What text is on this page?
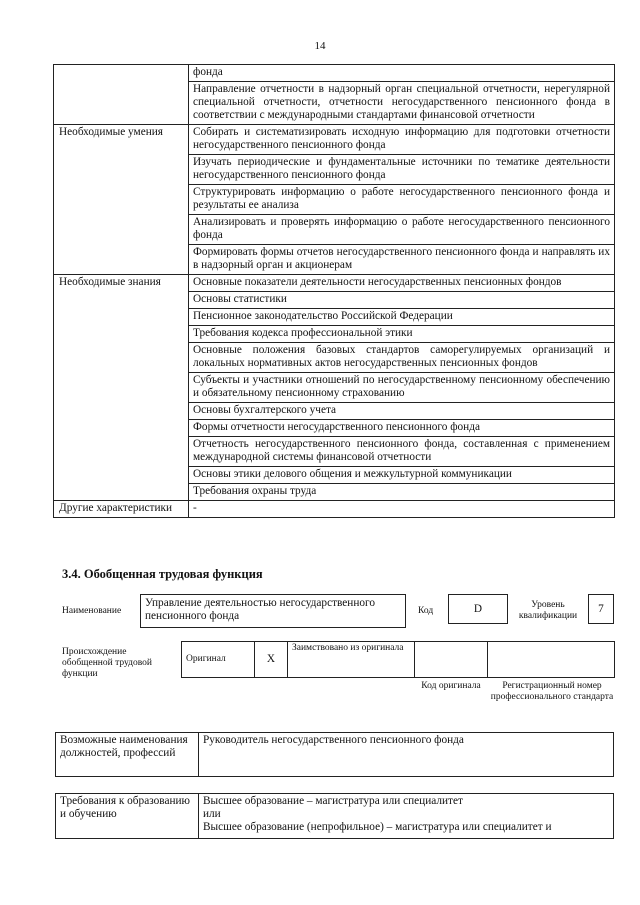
14
	фонда
	Направление отчетности в надзорный орган специальной отчетности, нерегулярной специальной отчетности, отчетности негосударственного пенсионного фонда в соответствии с международными стандартами финансовой отчетности
Необходимые умения	Собирать и систематизировать исходную информацию для подготовки отчетности негосударственного пенсионного фонда
	Изучать периодические и фундаментальные источники по тематике деятельности негосударственного пенсионного фонда
	Структурировать информацию о работе негосударственного пенсионного фонда и результаты ее анализа
	Анализировать и проверять информацию о работе негосударственного пенсионного фонда
	Формировать формы отчетов негосударственного пенсионного фонда и направлять их в надзорный орган и акционерам
Необходимые знания	Основные показатели деятельности негосударственных пенсионных фондов
	Основы статистики
	Пенсионное законодательство Российской Федерации
	Требования кодекса профессиональной этики
	Основные положения базовых стандартов саморегулируемых организаций и локальных нормативных актов негосударственных пенсионных фондов
	Субъекты и участники отношений по негосударственному пенсионному обеспечению и обязательному пенсионному страхованию
	Основы бухгалтерского учета
	Формы отчетности негосударственного пенсионного фонда
	Отчетность негосударственного пенсионного фонда, составленная с применением международной системы финансовой отчетности
	Основы этики делового общения и межкультурной коммуникации
	Требования охраны труда
Другие характеристики	-
3.4. Обобщенная трудовая функция
Наименование
Управление деятельностью негосударственного пенсионного фонда	Код	D	Уровень квалификации
7
Происхождение обобщенной трудовой функции
Оригинал	X	Заимствовано из оригинала		
Код оригинала	Регистрационный номер профессионального стандарта
Возможные наименования должностей, профессий	Руководитель негосударственного пенсионного фонда
Требования к образованию и обучению	
Высшее образование – магистратура или специалитет
или
Высшее образование (непрофильное) – магистратура или специалитет и
